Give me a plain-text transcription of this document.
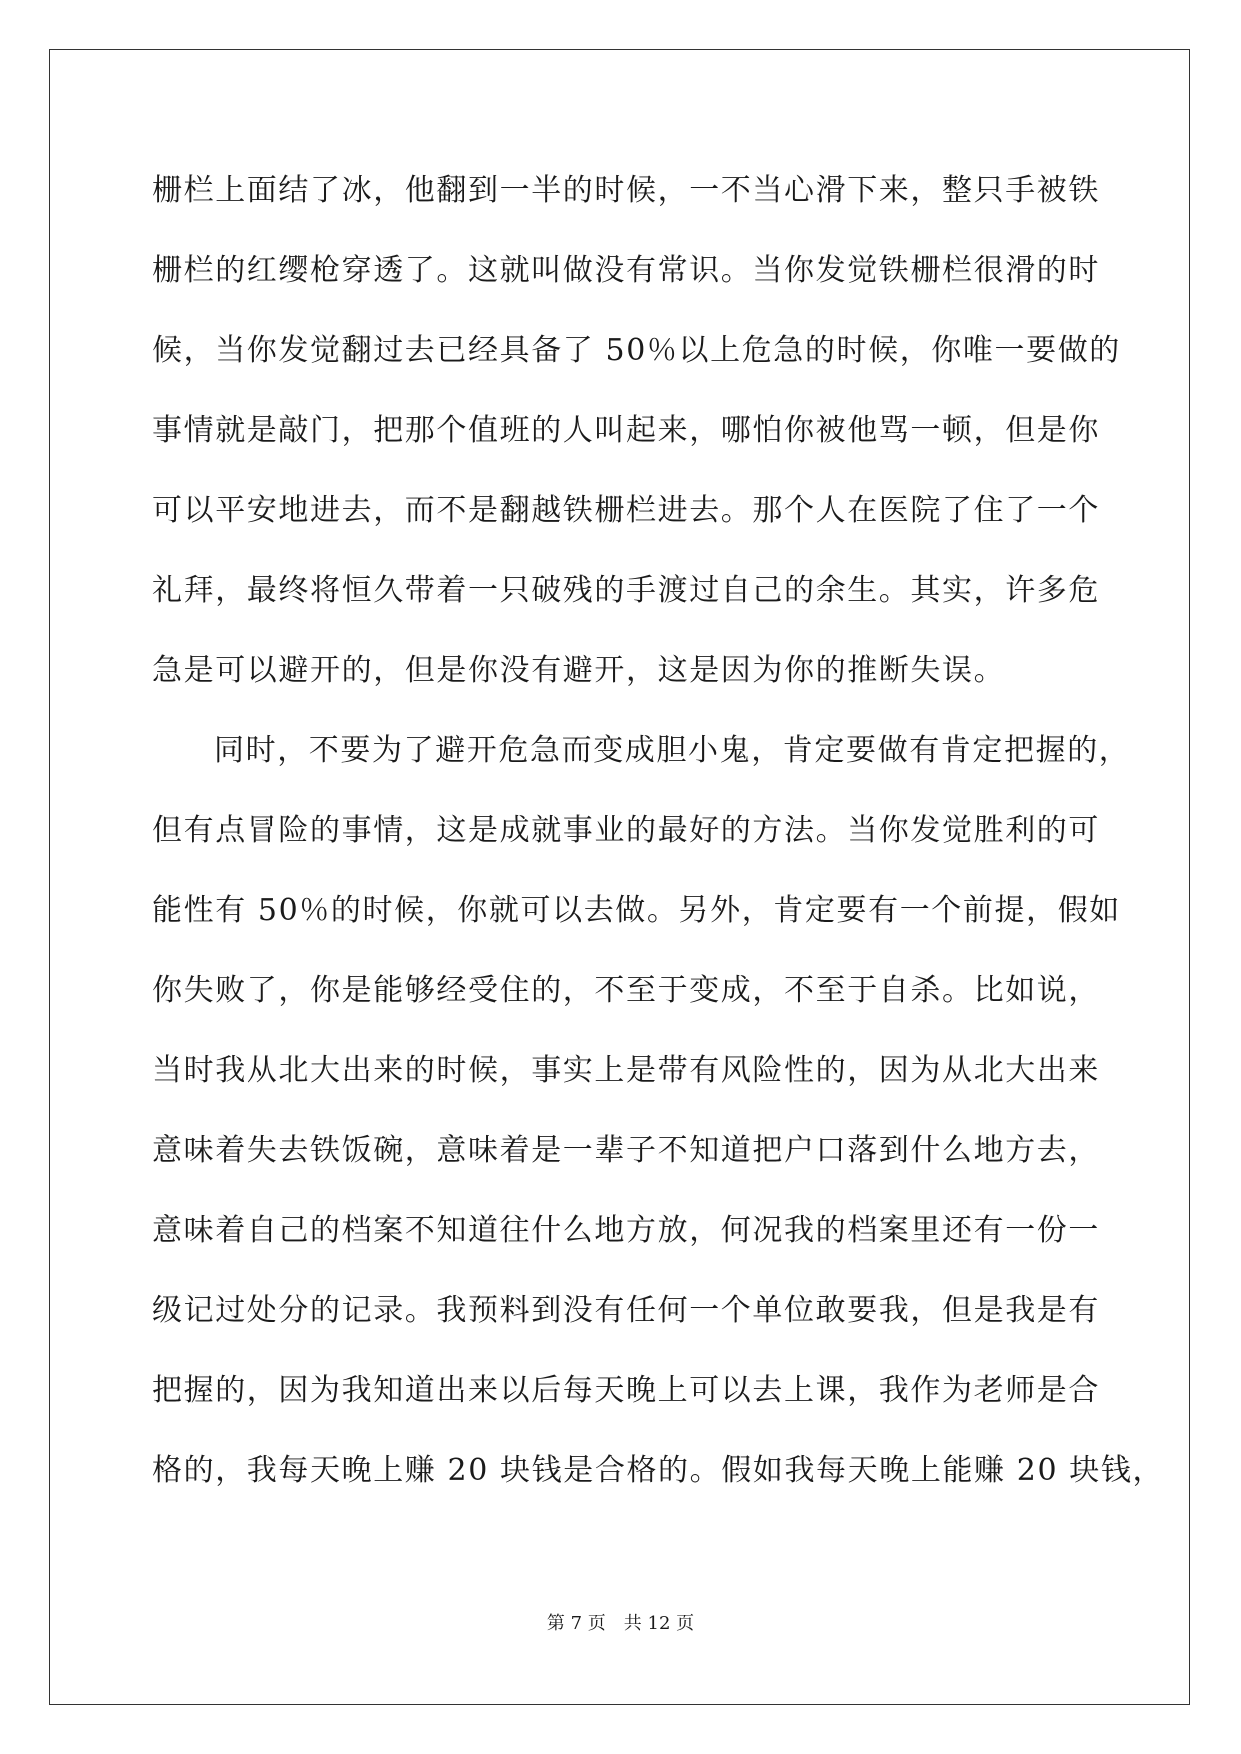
栅栏上面结了冰，他翻到一半的时候，一不当心滑下来，整只手被铁
栅栏的红缨枪穿透了。这就叫做没有常识。当你发觉铁栅栏很滑的时
候，当你发觉翻过去已经具备了 50％以上危急的时候，你唯一要做的
事情就是敲门，把那个值班的人叫起来，哪怕你被他骂一顿，但是你
可以平安地进去，而不是翻越铁栅栏进去。那个人在医院了住了一个
礼拜，最终将恒久带着一只破残的手渡过自己的余生。其实，许多危
急是可以避开的，但是你没有避开，这是因为你的推断失误。
同时，不要为了避开危急而变成胆小鬼，肯定要做有肯定把握的，
但有点冒险的事情，这是成就事业的最好的方法。当你发觉胜利的可
能性有 50％的时候，你就可以去做。另外，肯定要有一个前提，假如
你失败了，你是能够经受住的，不至于变成，不至于自杀。比如说，
当时我从北大出来的时候，事实上是带有风险性的，因为从北大出来
意味着失去铁饭碗，意味着是一辈子不知道把户口落到什么地方去，
意味着自己的档案不知道往什么地方放，何况我的档案里还有一份一
级记过处分的记录。我预料到没有任何一个单位敢要我，但是我是有
把握的，因为我知道出来以后每天晚上可以去上课，我作为老师是合
格的，我每天晚上赚 20 块钱是合格的。假如我每天晚上能赚 20 块钱，
第 7 页 共 12 页
